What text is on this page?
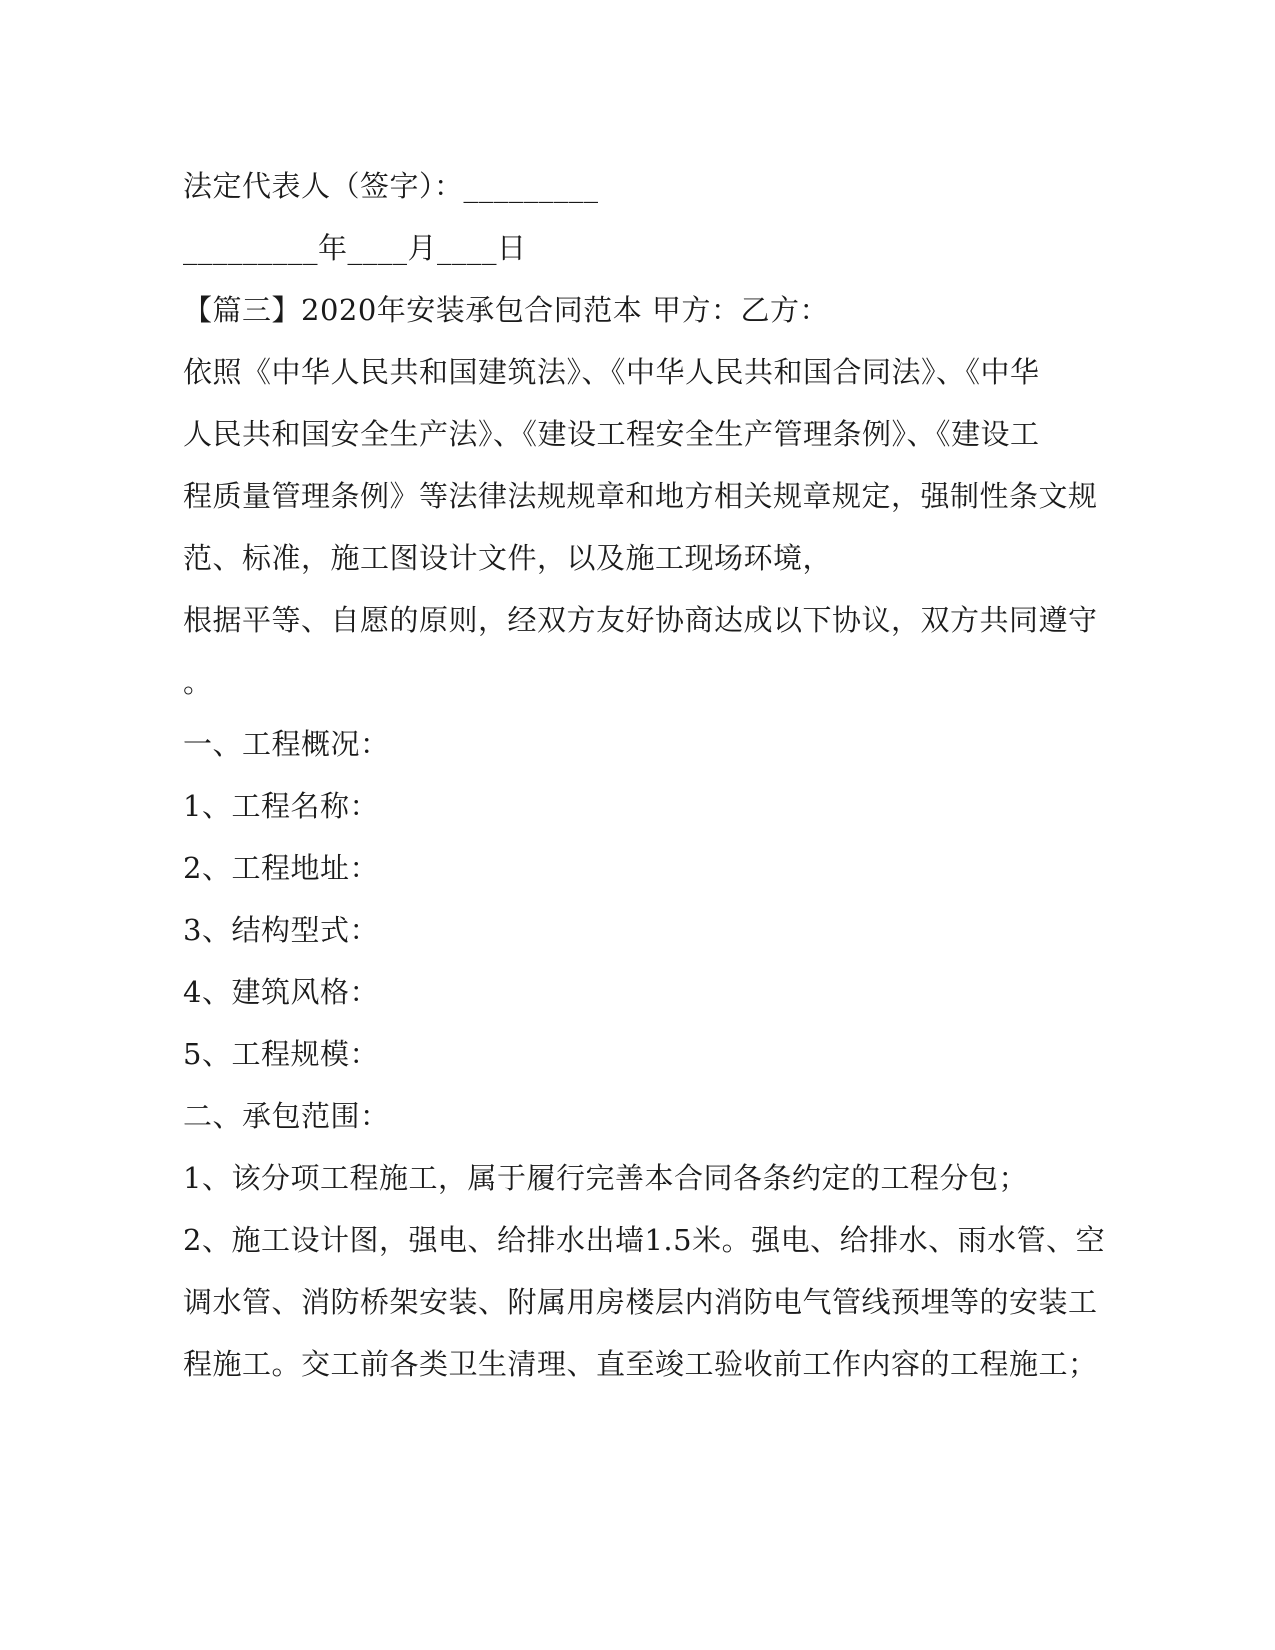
法定代表人（签字）：_________
_________年____月____日
【篇三】2020年安装承包合同范本 甲方：乙方：
依照《中华人民共和国建筑法》、《中华人民共和国合同法》、《中华
人民共和国安全生产法》、《建设工程安全生产管理条例》、《建设工
程质量管理条例》等法律法规规章和地方相关规章规定，强制性条文规
范、标准，施工图设计文件，以及施工现场环境，
根据平等、自愿的原则，经双方友好协商达成以下协议，双方共同遵守
。
一、工程概况：
1、工程名称：
2、工程地址：
3、结构型式：
4、建筑风格：
5、工程规模：
二、承包范围：
1、该分项工程施工，属于履行完善本合同各条约定的工程分包；
2、施工设计图，强电、给排水出墙1.5米。强电、给排水、雨水管、空
调水管、消防桥架安装、附属用房楼层内消防电气管线预埋等的安装工
程施工。交工前各类卫生清理、直至竣工验收前工作内容的工程施工；
